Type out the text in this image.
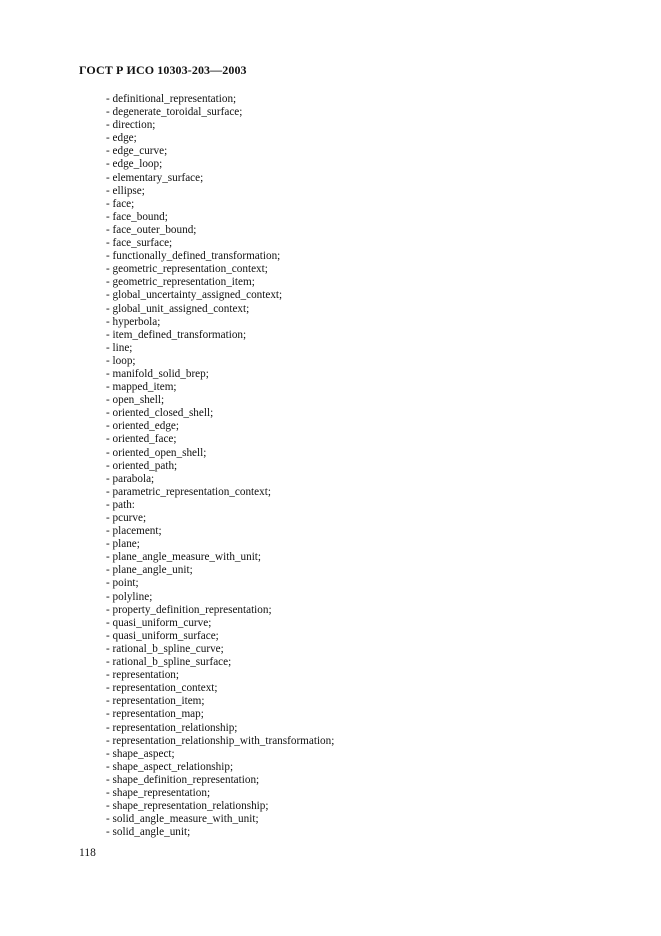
ГОСТ Р ИСО 10303-203—2003
- definitional_representation;
- degenerate_toroidal_surface;
- direction;
- edge;
- edge_curve;
- edge_loop;
- elementary_surface;
- ellipse;
- face;
- face_bound;
- face_outer_bound;
- face_surface;
- functionally_defined_transformation;
- geometric_representation_context;
- geometric_representation_item;
- global_uncertainty_assigned_context;
- global_unit_assigned_context;
- hyperbola;
- item_defined_transformation;
- line;
- loop;
- manifold_solid_brep;
- mapped_item;
- open_shell;
- oriented_closed_shell;
- oriented_edge;
- oriented_face;
- oriented_open_shell;
- oriented_path;
- parabola;
- parametric_representation_context;
- path:
- pcurve;
- placement;
- plane;
- plane_angle_measure_with_unit;
- plane_angle_unit;
- point;
- polyline;
- property_definition_representation;
- quasi_uniform_curve;
- quasi_uniform_surface;
- rational_b_spline_curve;
- rational_b_spline_surface;
- representation;
- representation_context;
- representation_item;
- representation_map;
- representation_relationship;
- representation_relationship_with_transformation;
- shape_aspect;
- shape_aspect_relationship;
- shape_definition_representation;
- shape_representation;
- shape_representation_relationship;
- solid_angle_measure_with_unit;
- solid_angle_unit;
118
